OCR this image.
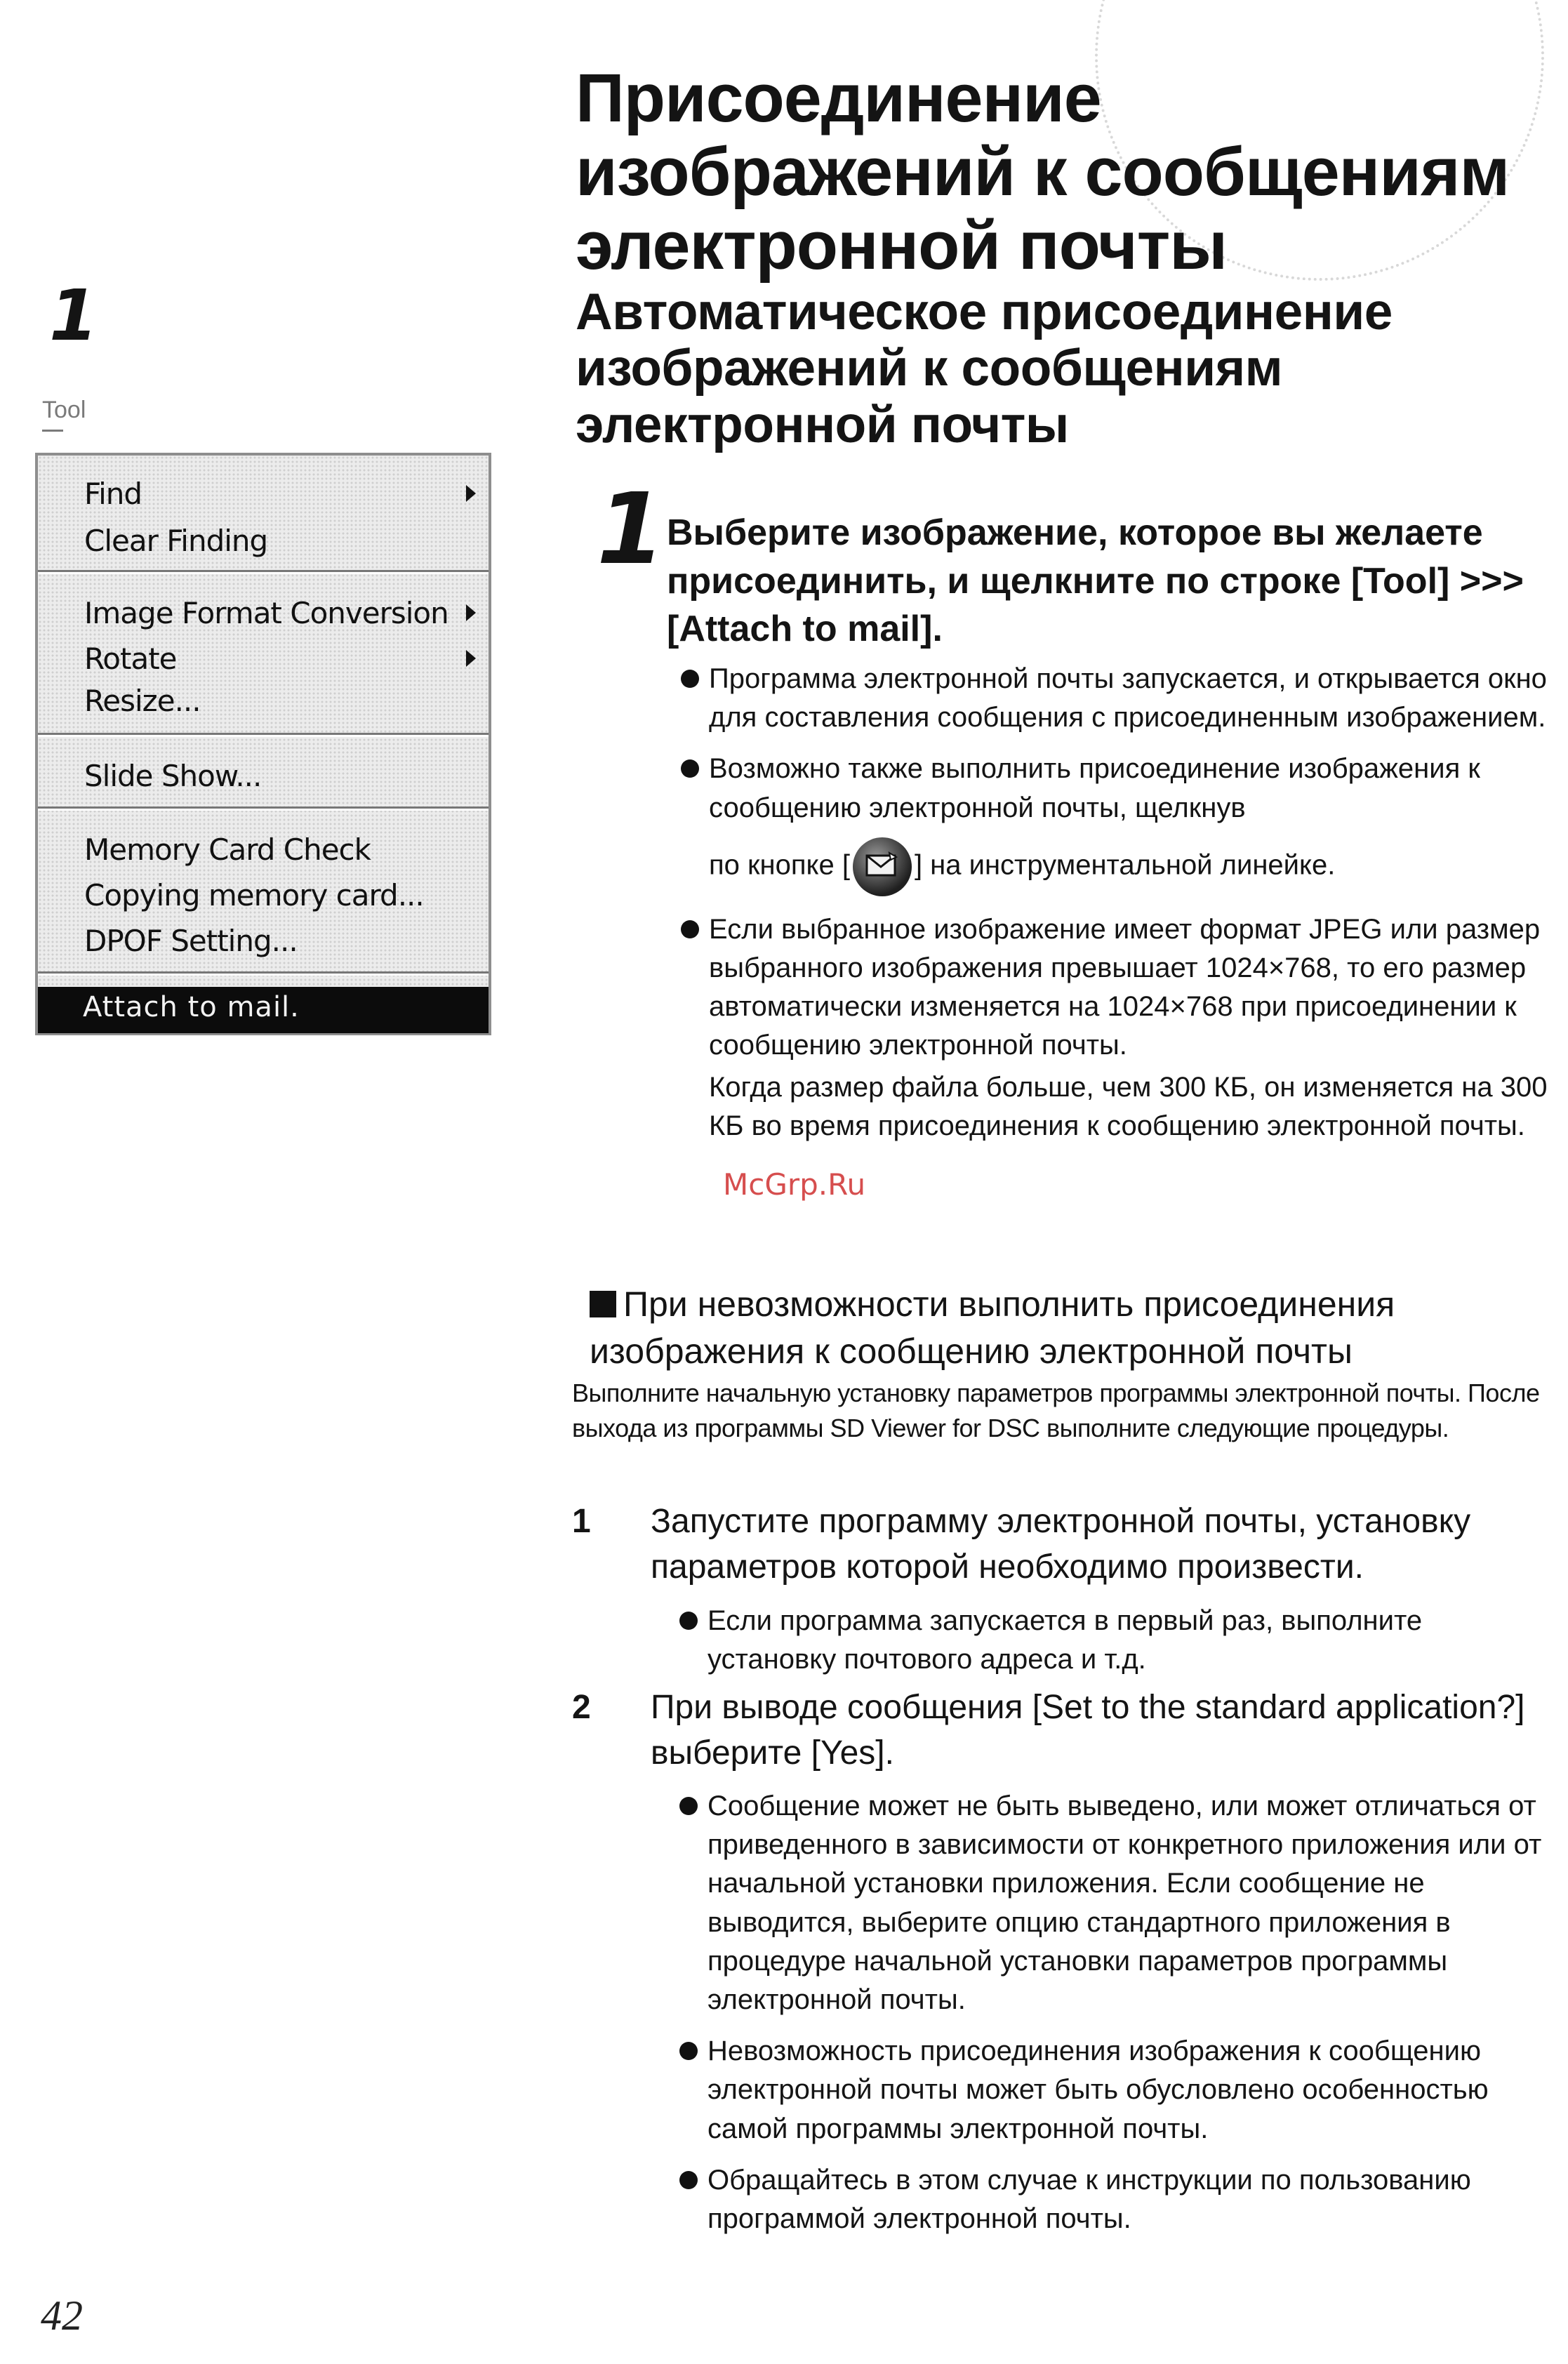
1
Tool
Find
Clear Finding
Image Format Conversion
Rotate
Resize...
Slide Show...
Memory Card Check
Copying memory card...
DPOF Setting...
Attach to mail.
42
Присоединение изображений к сообщениям электронной почты
Автоматическое присоединение изображений к сообщениям электронной почты
1 Выберите изображение, которое вы желаете присоединить, и щелкните по строке [Tool] >>> [Attach to mail].
Программа электронной почты запускается, и открывается окно для составления сообщения с присоединенным изображением.
Возможно также выполнить присоединение изображения к сообщению электронной почты, щелкнув
по кнопке [ ] на инструментальной линейке.
Если выбранное изображение имеет формат JPEG или размер выбранного изображения превышает 1024×768, то его размер автоматически изменяется на 1024×768 при присоединении к сообщению электронной почты.
Когда размер файла больше, чем 300 КБ, он изменяется на 300 КБ во время присоединения к сообщению электронной почты.
McGrp.Ru
При невозможности выполнить присоединения изображения к сообщению электронной почты
Выполните начальную установку параметров программы электронной почты. После выхода из программы SD Viewer for DSC выполните следующие процедуры.
1 Запустите программу электронной почты, установку параметров которой необходимо произвести.
Если программа запускается в первый раз, выполните установку почтового адреса и т.д.
2 При выводе сообщения [Set to the standard application?] выберите [Yes].
Сообщение может не быть выведено, или может отличаться от приведенного в зависимости от конкретного приложения или от начальной установки приложения. Если сообщение не выводится, выберите опцию стандартного приложения в процедуре начальной установки параметров программы электронной почты.
Невозможность присоединения изображения к сообщению электронной почты может быть обусловлено особенностью самой программы электронной почты.
Обращайтесь в этом случае к инструкции по пользованию программой электронной почты.
